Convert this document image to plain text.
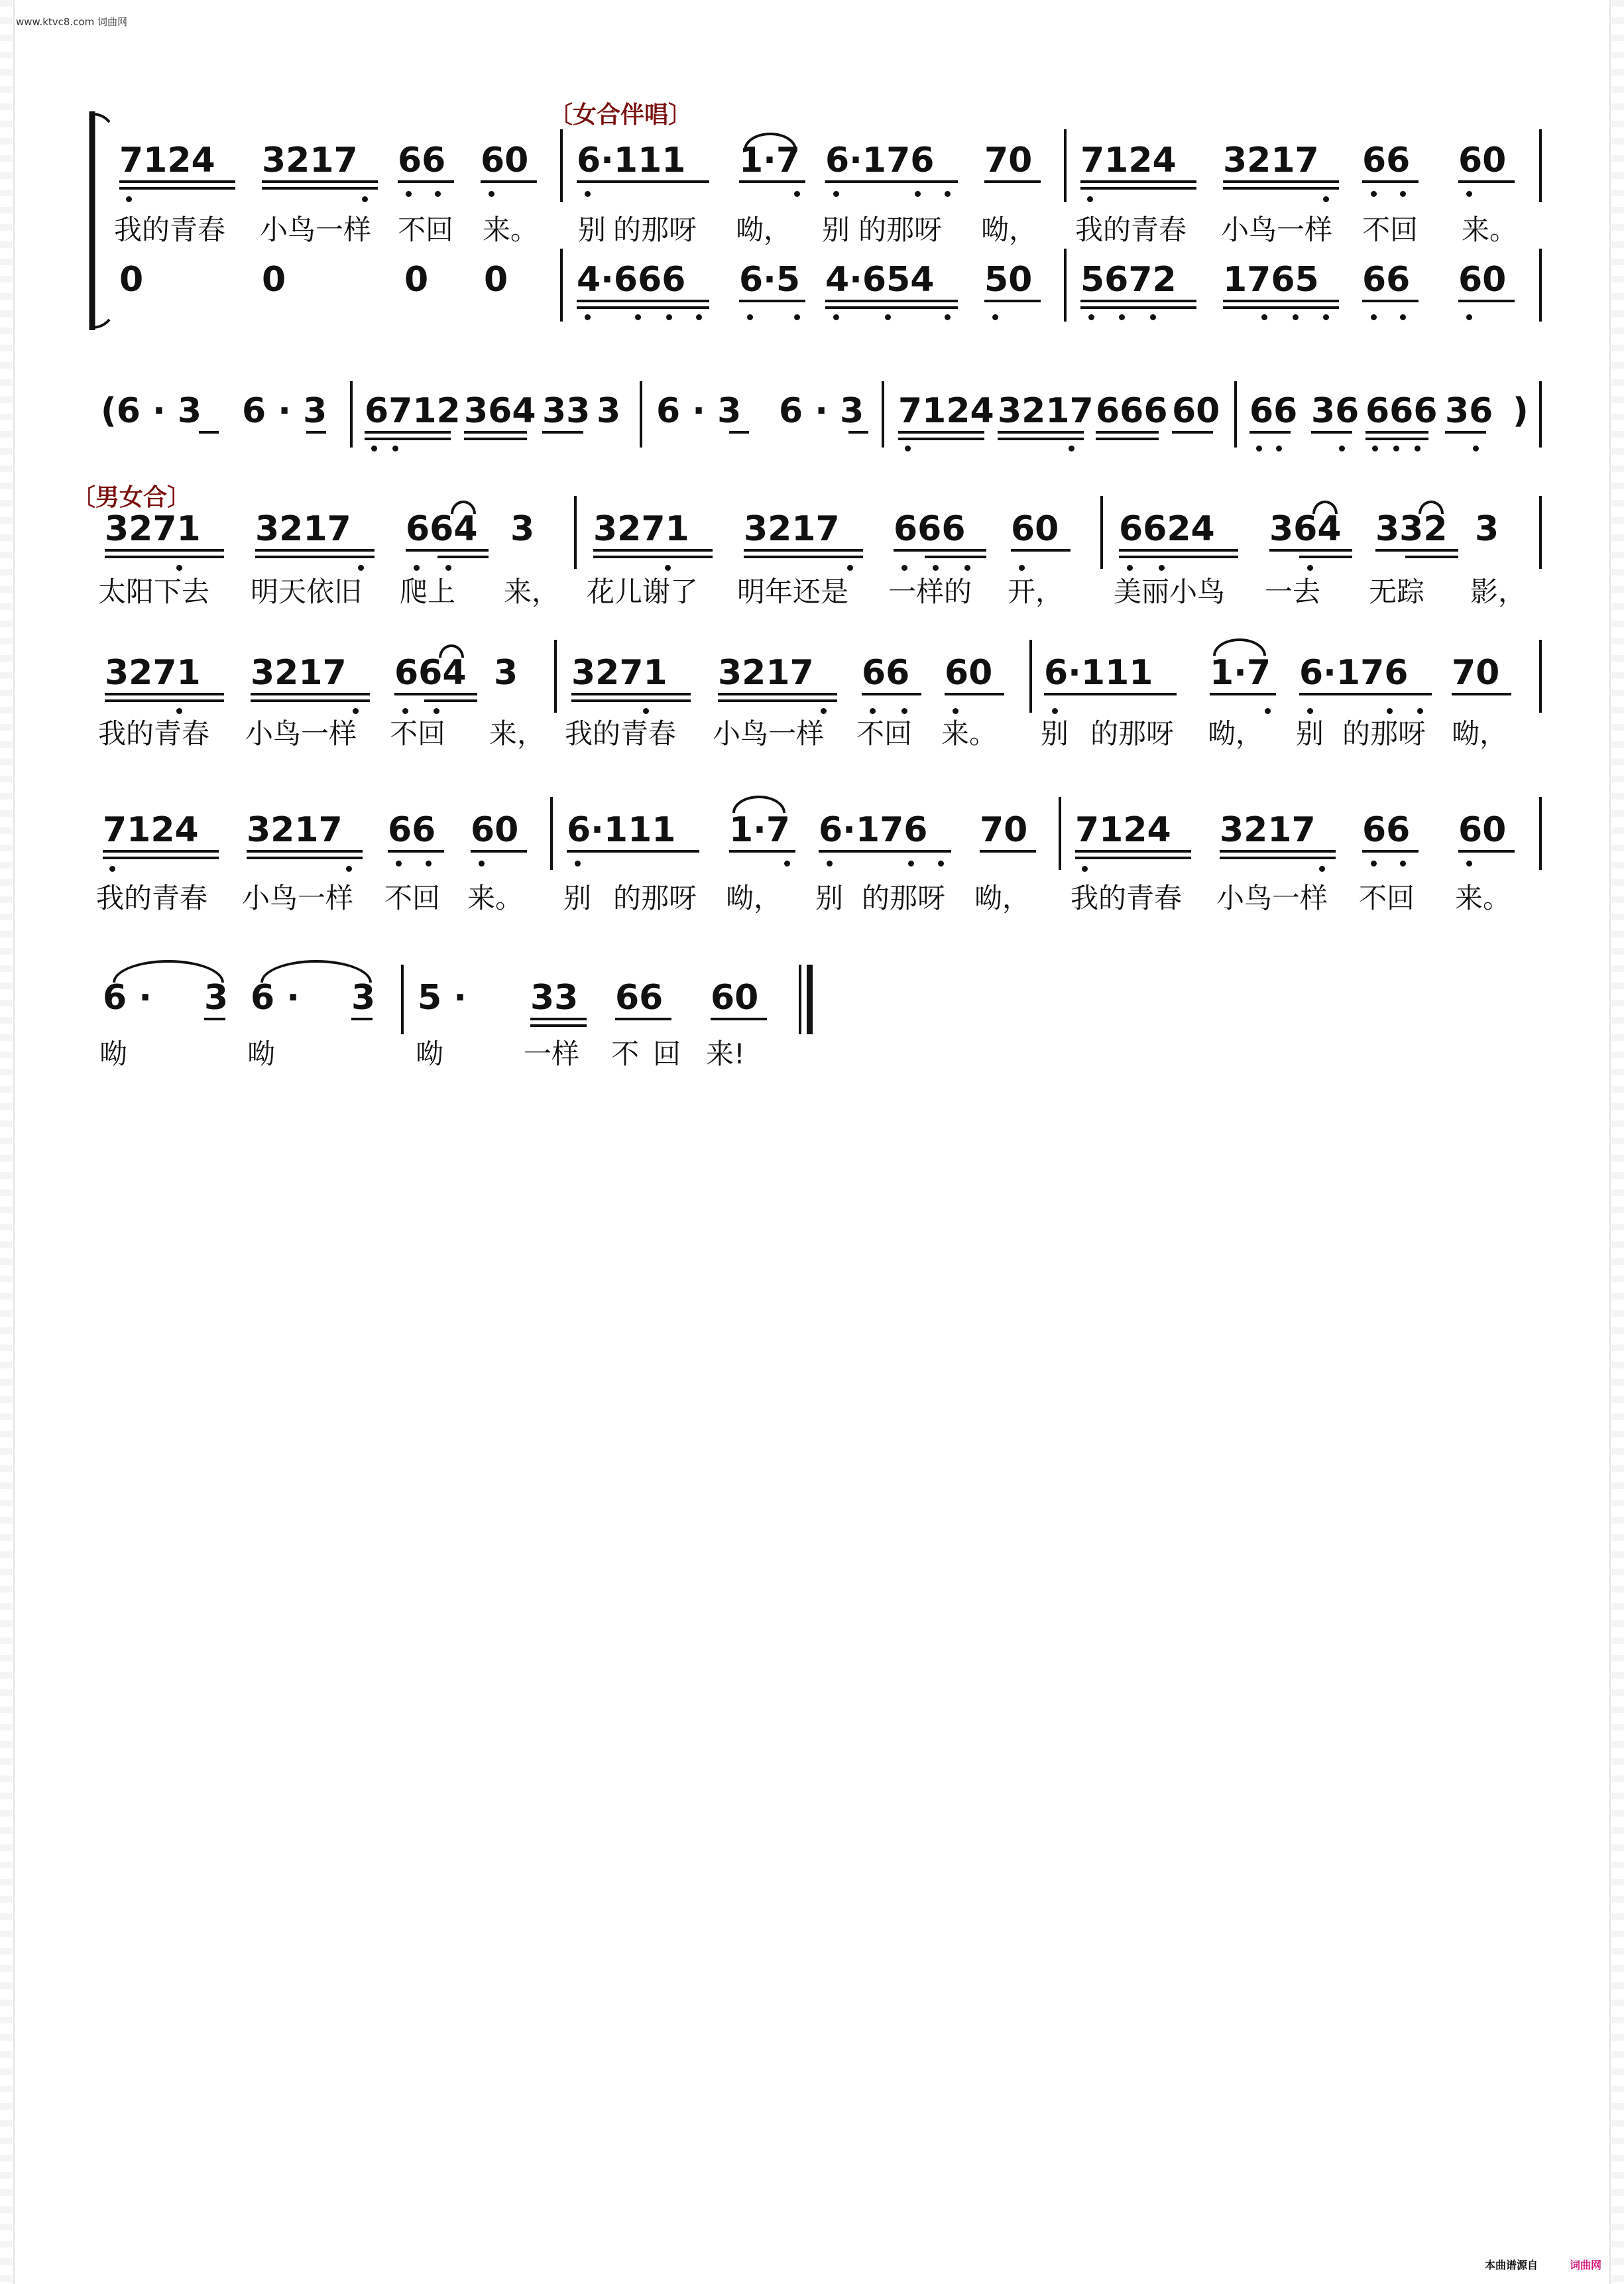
www.ktvc8.com 词曲网
〔女合伴唱〕
7124 3217 66 60 6·111 1·7 6·176 70 7124 3217 66 60
我的青春 小鸟一样 不回 来。 别 的那呀 呦， 别 的那呀 呦， 我的青春 小鸟一样 不回 来。
0	0	0 0 4·666 6·5 4·654 50 5672 1765 66 60
(6 · 3 6 · 3 6712 364 33 3 6 · 3 6 · 3 7124 3217 666 60 66 36 666 36 )
〔男女合〕
3271 3217 664 3 3271 3217 666 60 6624 364 332 3
太阳下去 明天依旧 爬上 来， 花儿谢了 明年还是 一样的 开， 美丽小鸟 一去 无踪 影，
3271 3217 664 3 3271 3217 66 60 6·111 1·7 6·176 70
我的青春 小鸟一样 不回 来， 我的青春 小鸟一样 不回 来。 别 的那呀 呦， 别 的那呀 呦，
7124 3217 66 60 6·111 1·7 6·176 70 7124 3217 66 60
我的青春 小鸟一样 不回 来。 别 的那呀 呦， 别 的那呀 呦， 我的青春 小鸟一样 不回 来。
6 · 3 6 · 3 5 · 33 66 60
呦	呦	呦	一样 不 回 来!
本曲谱源自	词曲网
